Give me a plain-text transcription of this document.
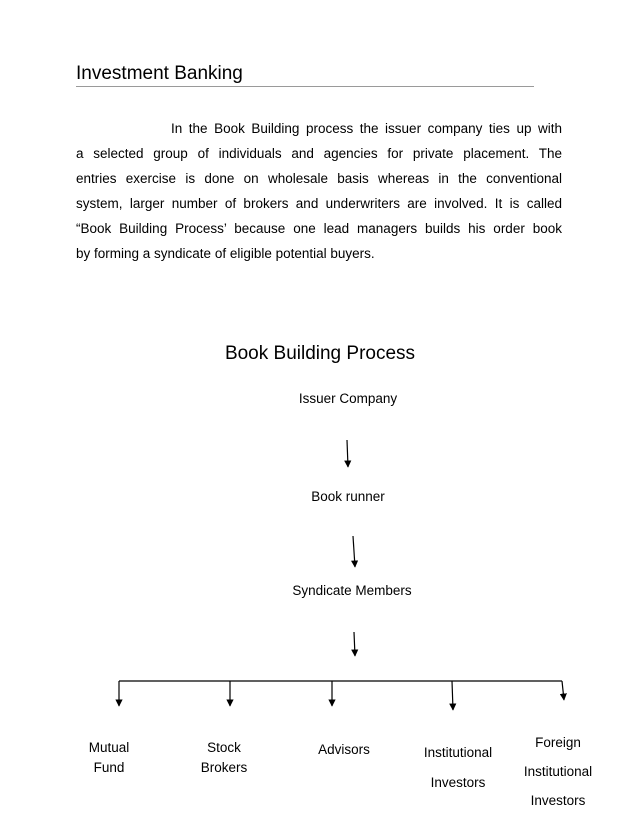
Investment Banking
In the Book Building process the issuer company ties up with
a selected group of individuals and agencies for private placement. The
entries exercise is done on wholesale basis whereas in the conventional
system, larger number of brokers and underwriters are involved. It is called
“Book Building Process’ because one lead managers builds his order book
by forming a syndicate of eligible potential buyers.
Book Building Process
Issuer Company
Book runner
Syndicate Members
Mutual
Fund
Stock
Brokers
Advisors	Institutional
Investors
Foreign
Institutional
Investors
